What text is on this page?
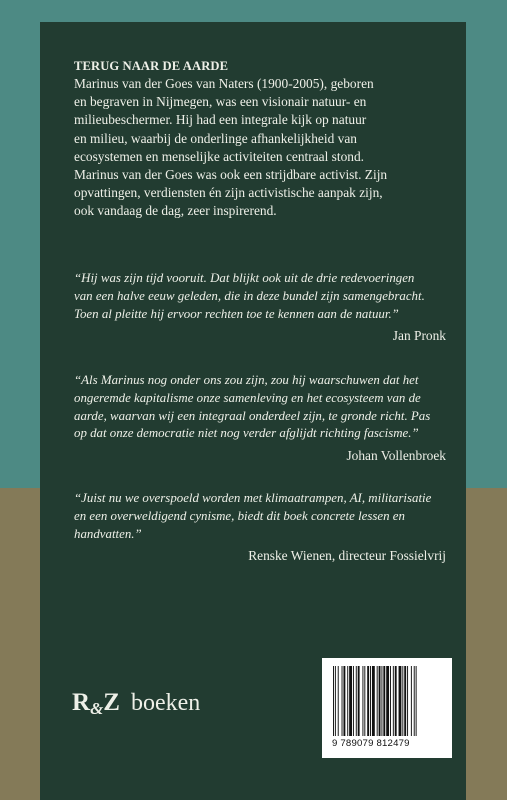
TERUG NAAR DE AARDE

Marinus van der Goes van Naters (1900-2005), geboren
en begraven in Nijmegen, was een visionair natuur- en
milieubeschermer. Hij had een integrale kijk op natuur
en milieu, waarbij de onderlinge afhankelijkheid van
ecosystemen en menselijke activiteiten centraal stond.
Marinus van der Goes was ook een strijdbare activist. Zijn
opvattingen, verdiensten én zijn activistische aanpak zijn,
ook vandaag de dag, zeer inspirerend.

“Hij was zijn tijd vooruit. Dat blijkt ook uit de drie redevoeringen
van een halve eeuw geleden, die in deze bundel zijn samengebracht.
Toen al pleitte hij ervoor rechten toe te kennen aan de natuur.”

Jan Pronk

“Als Marinus nog onder ons zou zijn, zou hij waarschuwen dat het
ongeremde kapitalisme onze samenleving en het ecosysteem van de
aarde, waarvan wij een integraal onderdeel zijn, te gronde richt. Pas
op dat onze democratie niet nog verder afglijdt richting fascisme.”

Johan Vollenbroek

“Juist nu we overspoeld worden met klimaatrampen, AI, militarisatie
en een overweldigend cynisme, biedt dit boek concrete lessen en
handvatten.”

Renske Wienen, directeur Fossielvrij

R & Z boeken
9 789079 812479
